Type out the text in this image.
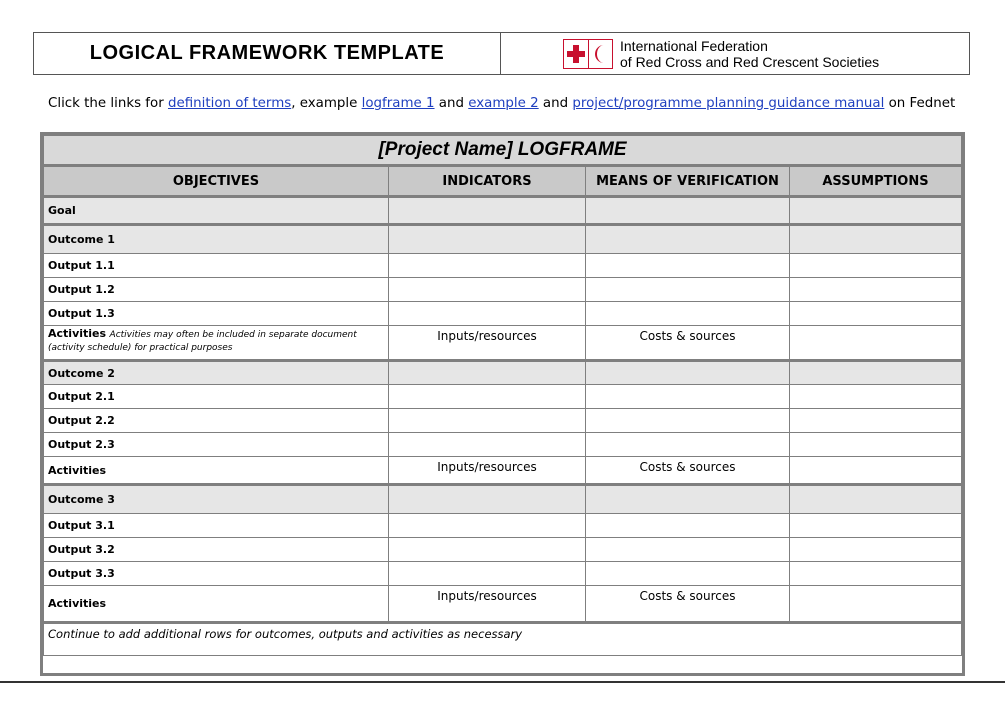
LOGICAL FRAMEWORK TEMPLATE	International Federation
of Red Cross and Red Crescent Societies
Click the links for definition of terms, example logframe 1 and example 2 and project/programme planning guidance manual on Fednet
[Project Name] LOGFRAME			
OBJECTIVES	INDICATORS	MEANS OF VERIFICATION	ASSUMPTIONS
Goal			
Outcome 1			
Output 1.1			
Output 1.2			
Output 1.3			
Activities Activities may often be included in separate document (activity schedule) for practical purposes	Inputs/resources	Costs & sources	
Outcome 2			
Output 2.1			
Output 2.2			
Output 2.3			
Activities	Inputs/resources	Costs & sources	
Outcome 3			
Output 3.1			
Output 3.2			
Output 3.3			
Activities	Inputs/resources	Costs & sources	
Continue to add additional rows for outcomes, outputs and activities as necessary			
